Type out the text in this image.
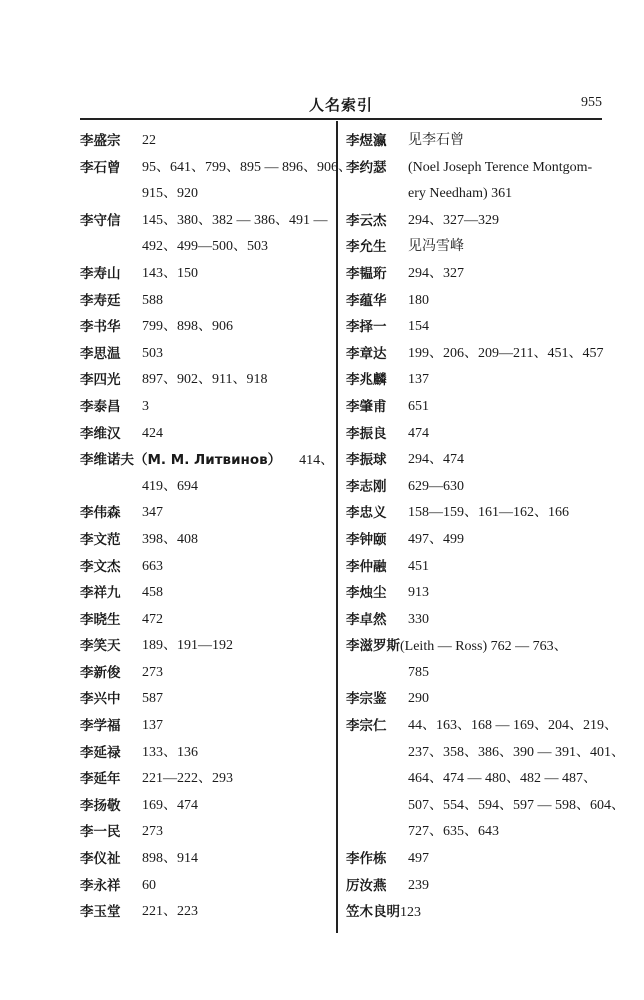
人名索引	955
李盛宗 22
李石曾 95、641、799、895 — 896、906、
915、920
李守信 145、380、382 — 386、491 —
492、499—500、503
李寿山 143、150
李寿廷 588
李书华 799、898、906
李思温 503
李四光 897、902、911、918
李泰昌 3
李维汉 424
李维诺夫（M. M. Литвинов） 414、
419、694
李伟森 347
李文范 398、408
李文杰 663
李祥九 458
李晓生 472
李笑天 189、191—192
李新俊 273
李兴中 587
李学福 137
李延禄 133、136
李延年 221—222、293
李扬敬 169、474
李一民 273
李仪祉 898、914
李永祥 60
李玉堂 221、223
李煜瀛 见李石曾
李约瑟 (Noel Joseph Terence Montgom-
ery Needham) 361
李云杰 294、327—329
李允生 见冯雪峰
李韫珩 294、327
李蕴华 180
李择一 154
李章达 199、206、209—211、451、457
李兆麟 137
李肇甫 651
李振良 474
李振球 294、474
李志刚 629—630
李忠义 158—159、161—162、166
李钟颐 497、499
李仲融 451
李烛尘 913
李卓然 330
李滋罗斯(Leith — Ross) 762 — 763、
785
李宗鉴 290
李宗仁 44、163、168 — 169、204、219、
237、358、386、390 — 391、401、
464、474 — 480、482 — 487、
507、554、594、597 — 598、604、
727、635、643
李作栋 497
厉汝燕 239
笠木良明123
